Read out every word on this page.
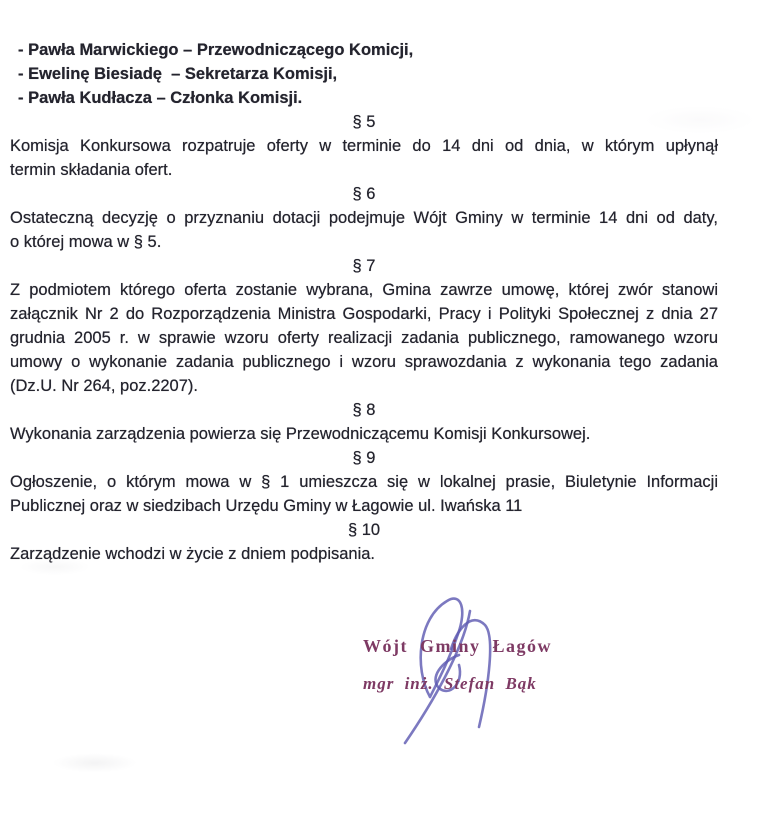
- Pawła Marwickiego – Przewodniczącego Komicji,
- Ewelinę Biesiadę  – Sekretarza Komisji,
- Pawła Kudłacza – Członka Komisji.
§ 5
Komisja Konkursowa rozpatruje oferty w terminie do 14 dni od dnia, w którym upłynął
termin składania ofert.
§ 6
Ostateczną decyzję o przyznaniu dotacji podejmuje Wójt Gminy w terminie 14 dni od daty,
o której mowa w § 5.
§ 7
Z podmiotem którego oferta zostanie wybrana, Gmina zawrze umowę, której zwór stanowi
załącznik Nr 2 do Rozporządzenia Ministra Gospodarki, Pracy i Polityki Społecznej z dnia 27
grudnia 2005 r. w sprawie wzoru oferty realizacji zadania publicznego, ramowanego wzoru
umowy o wykonanie zadania publicznego i wzoru sprawozdania z wykonania tego zadania
(Dz.U. Nr 264, poz.2207).
§ 8
Wykonania zarządzenia powierza się Przewodniczącemu Komisji Konkursowej.
§ 9
Ogłoszenie, o którym mowa w § 1 umieszcza się w lokalnej prasie, Biuletynie Informacji
Publicznej oraz w siedzibach Urzędu Gminy w Łagowie ul. Iwańska 11
§ 10
Zarządzenie wchodzi w życie z dniem podpisania.
Wójt Gminy Łagów
mgr inż. Stefan Bąk
